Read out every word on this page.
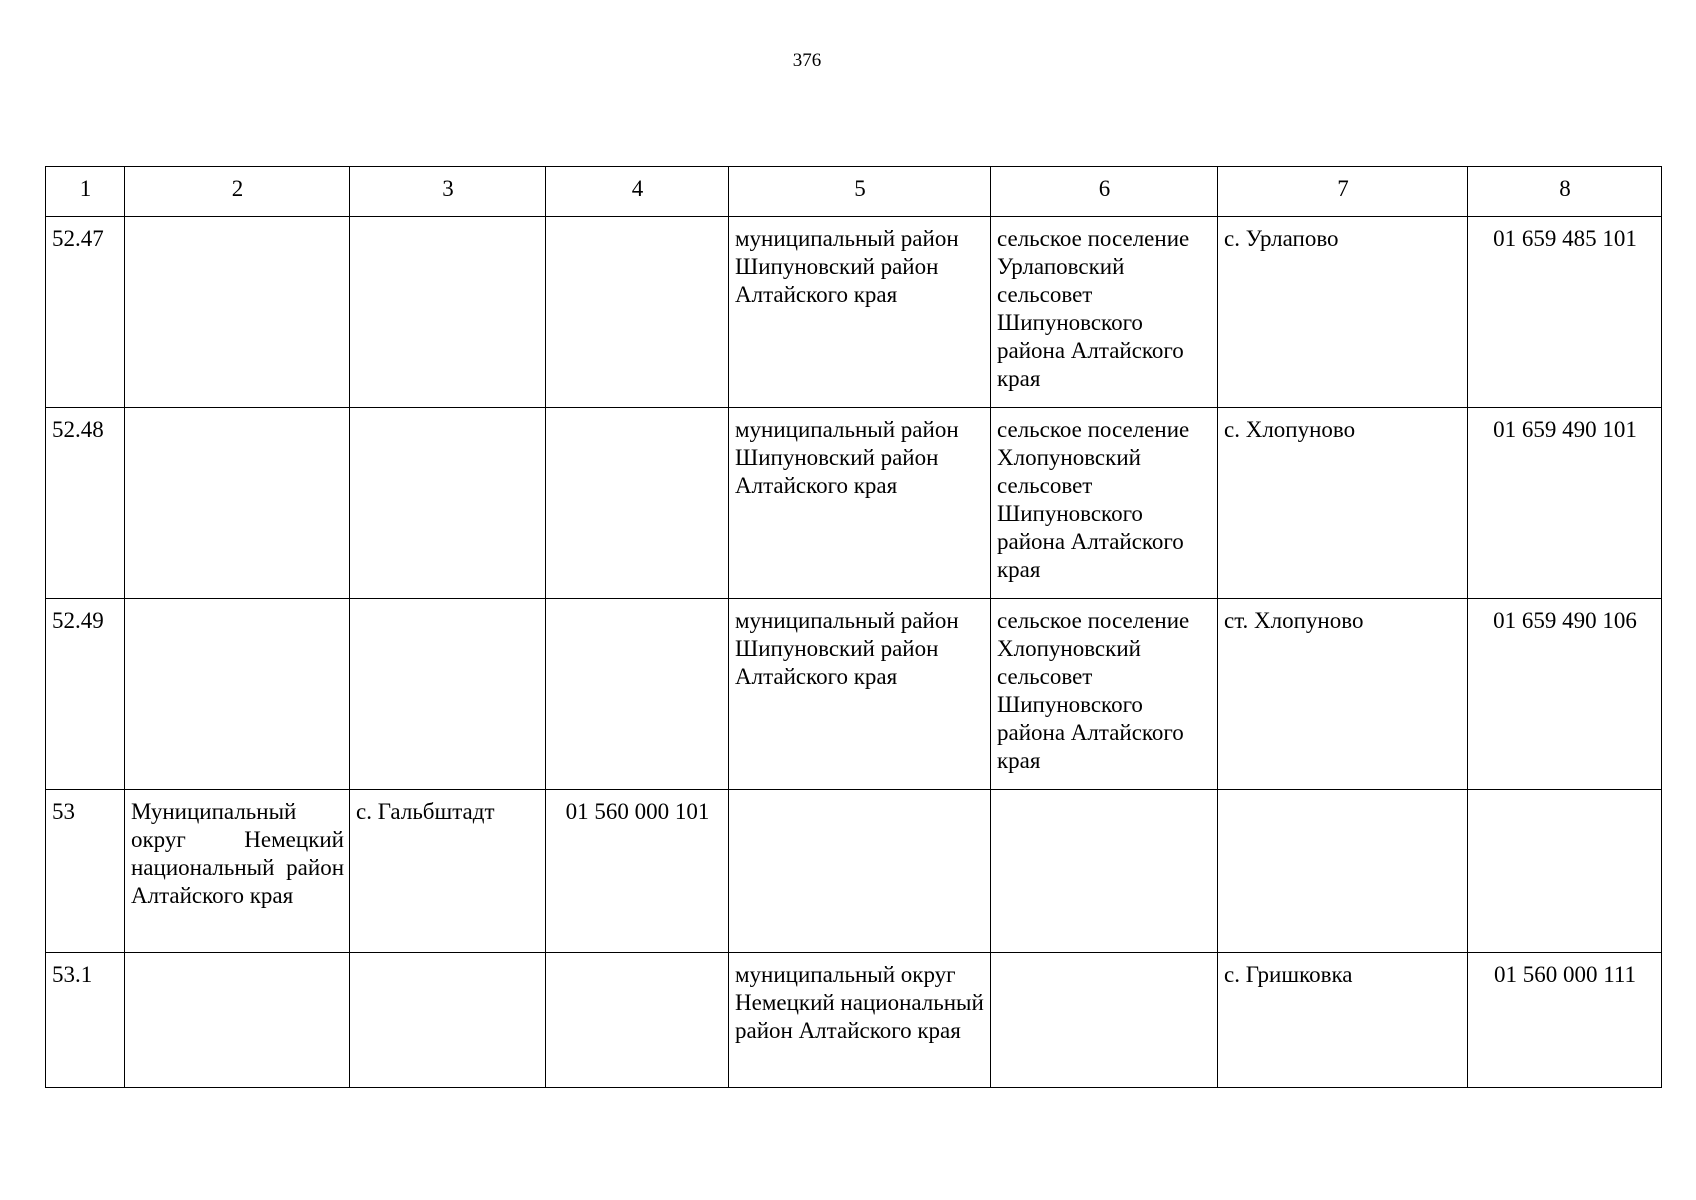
376
1	2	3	4	5	6	7	8
52.47				муниципальный район Шипуновский район Алтайского края	сельское поселение Урлаповский сельсовет Шипуновского района Алтайского края	с. Урлапово	01 659 485 101
52.48				муниципальный район Шипуновский район Алтайского края	сельское поселение Хлопуновский сельсовет Шипуновского района Алтайского края	с. Хлопуново	01 659 490 101
52.49				муниципальный район Шипуновский район Алтайского края	сельское поселение Хлопуновский сельсовет Шипуновского района Алтайского края	ст. Хлопуново	01 659 490 106
53	Муниципальный округ Немецкий национальный район Алтайского края	с. Гальбштадт	01 560 000 101				
53.1				муниципальный округ Немецкий национальный район Алтайского края		с. Гришковка	01 560 000 111
